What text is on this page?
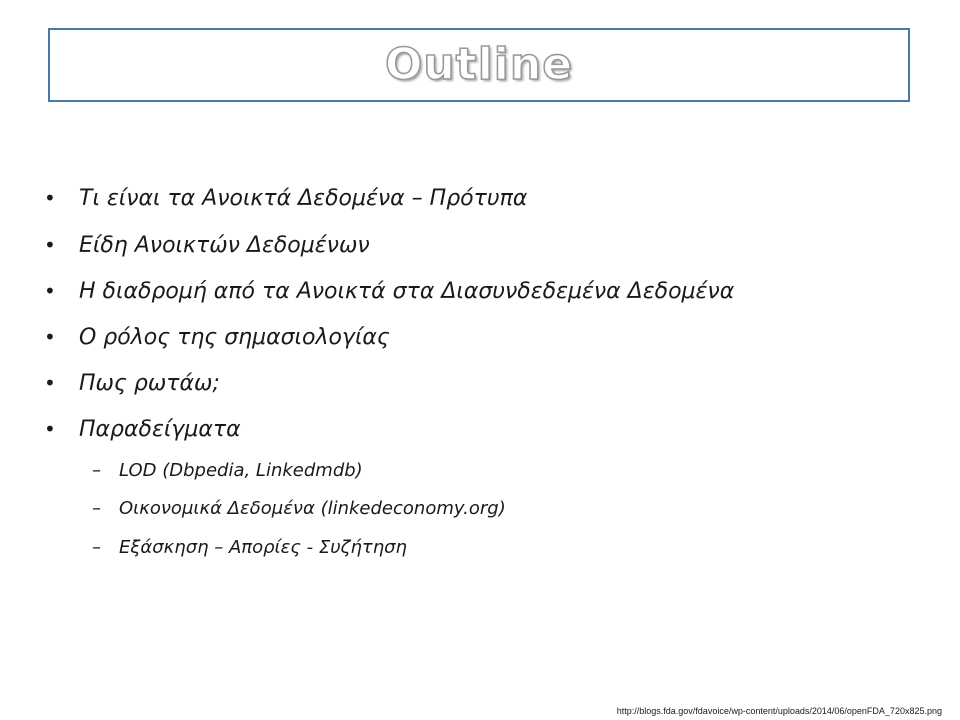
Outline
• Τι είναι τα Ανοικτά Δεδομένα – Πρότυπα
• Είδη Ανοικτών Δεδομένων
• Η διαδρομή από τα Ανοικτά στα Διασυνδεδεμένα Δεδομένα
• Ο ρόλος της σημασιολογίας
• Πως ρωτάω;
• Παραδείγματα
– LOD (Dbpedia, Linkedmdb)
– Οικονομικά Δεδομένα (linkedeconomy.org)
– Εξάσκηση – Απορίες - Συζήτηση
http://blogs.fda.gov/fdavoice/wp-content/uploads/2014/06/openFDA_720x825.png
